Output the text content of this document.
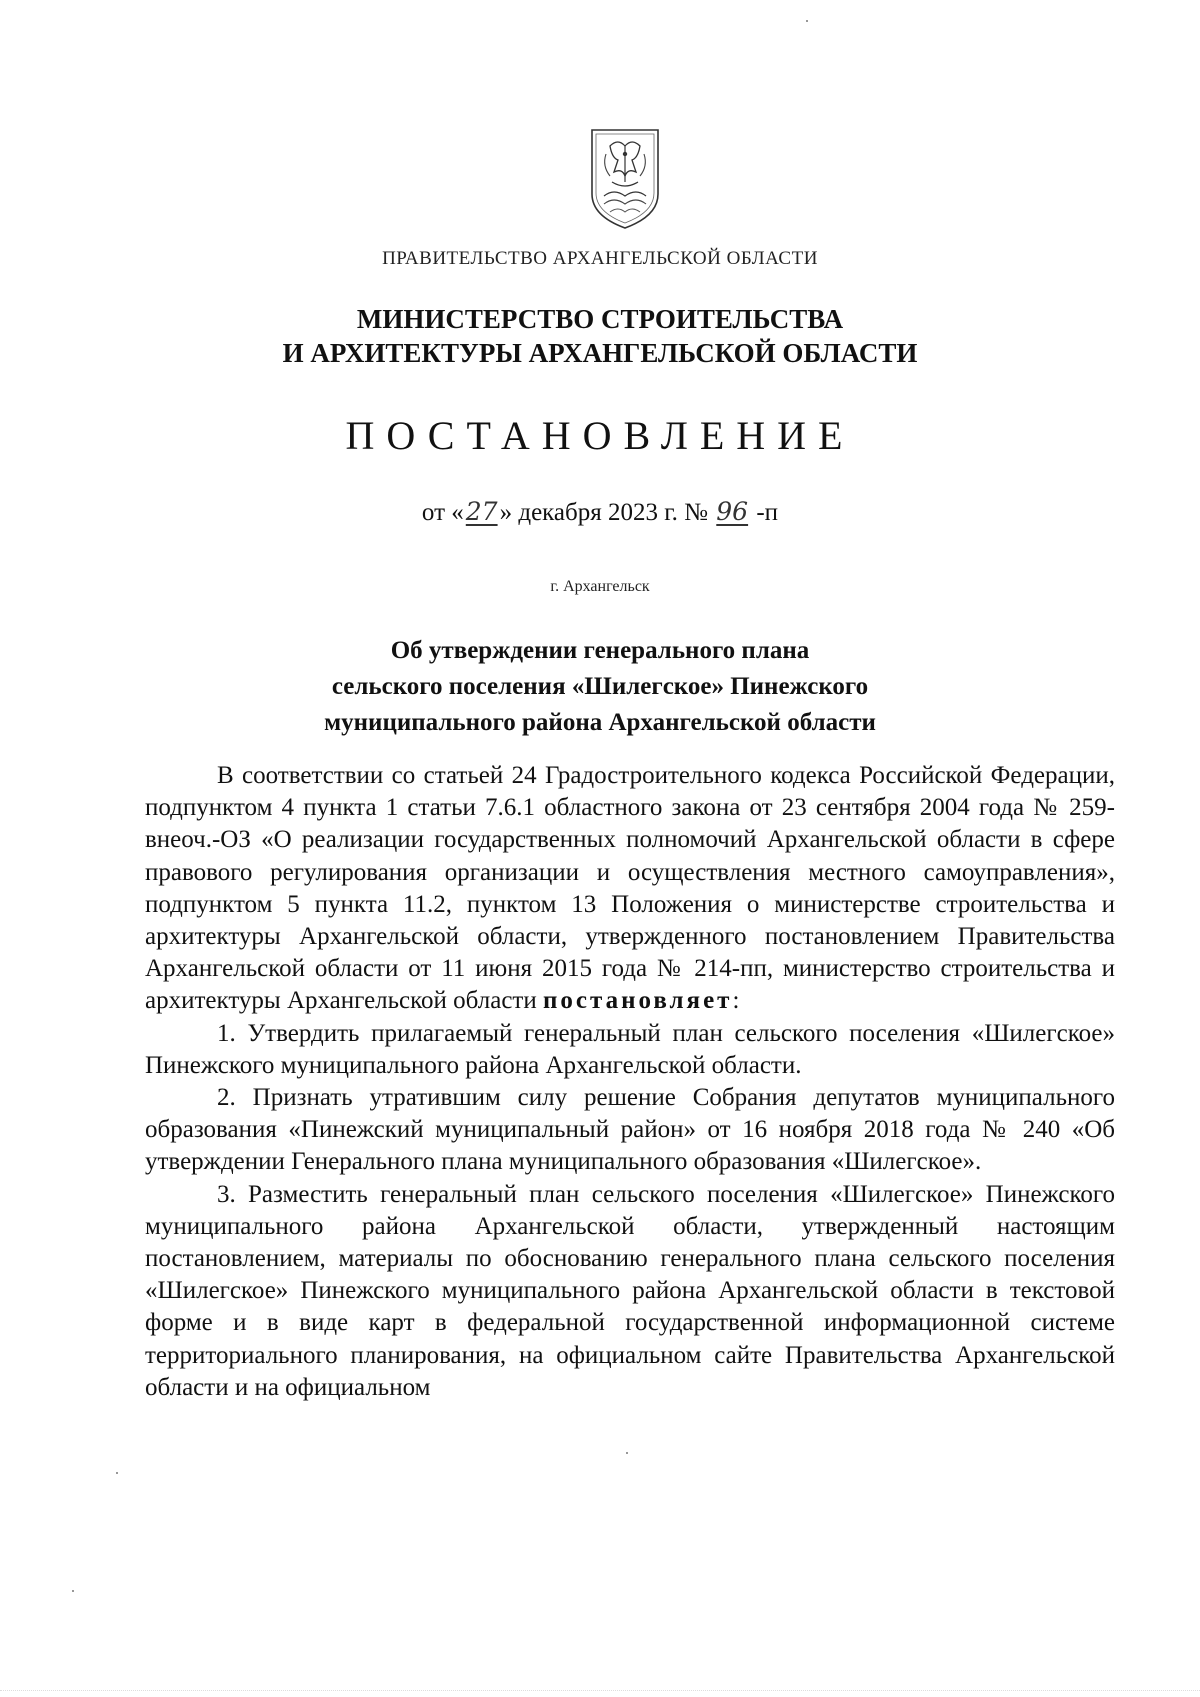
ПРАВИТЕЛЬСТВО АРХАНГЕЛЬСКОЙ ОБЛАСТИ
МИНИСТЕРСТВО СТРОИТЕЛЬСТВА
И АРХИТЕКТУРЫ АРХАНГЕЛЬСКОЙ ОБЛАСТИ
ПОСТАНОВЛЕНИЕ
от «27» декабря 2023 г. № 96 -п
г. Архангельск
Об утверждении генерального плана
сельского поселения «Шилегское» Пинежского
муниципального района Архангельской области

В соответствии со статьей 24 Градостроительного кодекса Российской Федерации, подпунктом 4 пункта 1 статьи 7.6.1 областного закона от 23 сентября 2004 года № 259-внеоч.-ОЗ «О реализации государственных полномочий Архангельской области в сфере правового регулирования организации и осуществления местного самоуправления», подпунктом 5 пункта 11.2, пунктом 13 Положения о министерстве строительства и архитектуры Архангельской области, утвержденного постановлением Правительства Архангельской области от 11 июня 2015 года № 214-пп, министерство строительства и архитектуры Архангельской области постановляет:

1. Утвердить прилагаемый генеральный план сельского поселения «Шилегское» Пинежского муниципального района Архангельской области.

2. Признать утратившим силу решение Собрания депутатов муниципального образования «Пинежский муниципальный район» от 16 ноября 2018 года № 240 «Об утверждении Генерального плана муниципального образования «Шилегское».

3. Разместить генеральный план сельского поселения «Шилегское» Пинежского муниципального района Архангельской области, утвержденный настоящим постановлением, материалы по обоснованию генерального плана сельского поселения «Шилегское» Пинежского муниципального района Архангельской области в текстовой форме и в виде карт в федеральной государственной информационной системе территориального планирования, на официальном сайте Правительства Архангельской области и на официальном
